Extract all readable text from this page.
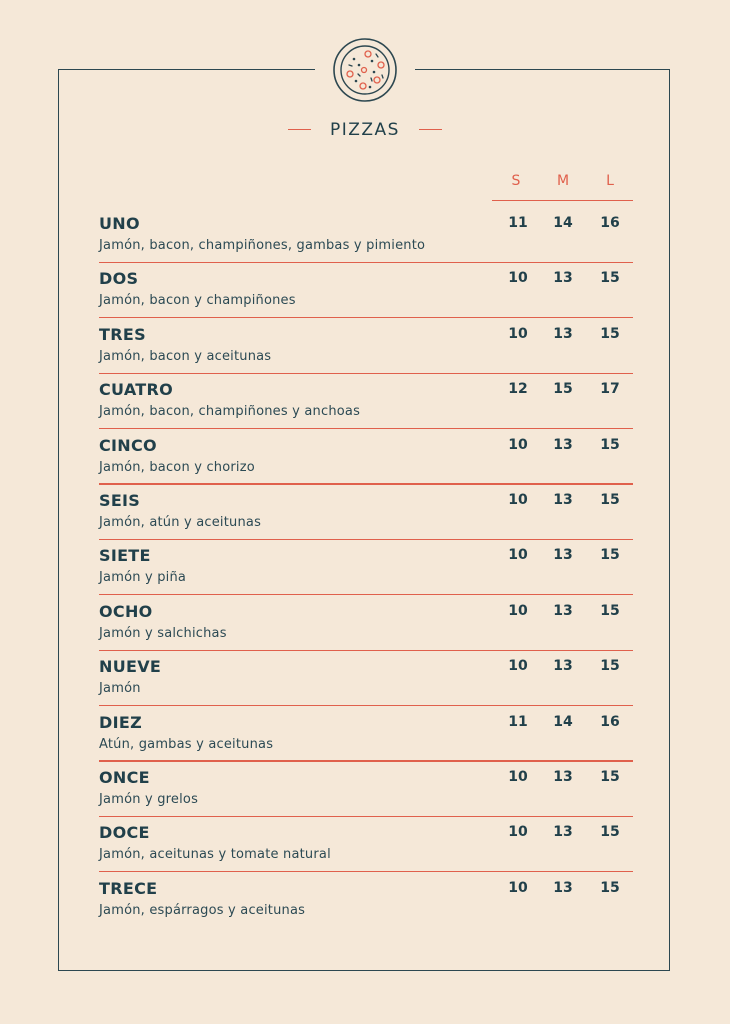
PIZZAS
S	M	L
UNO
Jamón, bacon, champiñones, gambas y pimiento
11	14	16
DOS
Jamón, bacon y champiñones
10	13	15
TRES
Jamón, bacon y aceitunas
10	13	15
CUATRO
Jamón, bacon, champiñones y anchoas
12	15	17
CINCO
Jamón, bacon y chorizo
10	13	15
SEIS
Jamón, atún y aceitunas
10	13	15
SIETE
Jamón y piña
10	13	15
OCHO
Jamón y salchichas
10	13	15
NUEVE
Jamón
10	13	15
DIEZ
Atún, gambas y aceitunas
11	14	16
ONCE
Jamón y grelos
10	13	15
DOCE
Jamón, aceitunas y tomate natural
10	13	15
TRECE
Jamón, espárragos y aceitunas
10	13	15
